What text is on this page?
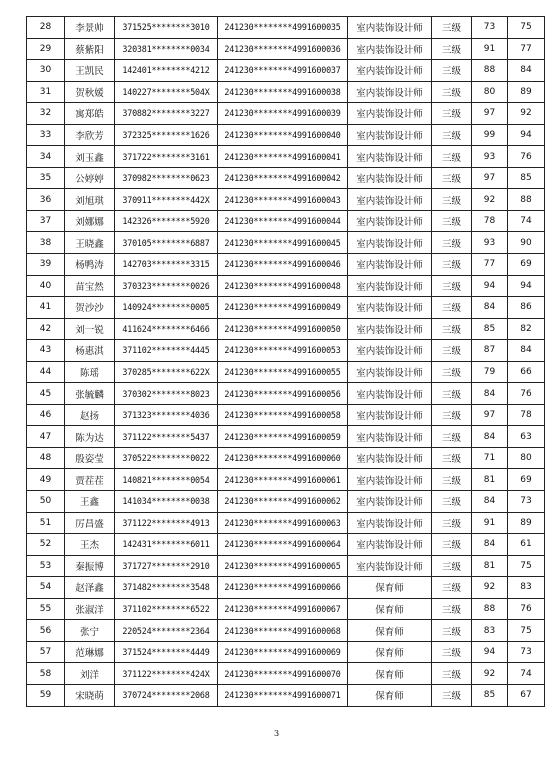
28	李景帅	371525********3010	241230********4991600035	室内装饰设计师	三级	73	75
29	蔡紫阳	320381********0034	241230********4991600036	室内装饰设计师	三级	91	77
30	王凯民	142401********4212	241230********4991600037	室内装饰设计师	三级	88	84
31	贺秋媛	140227********504X	241230********4991600038	室内装饰设计师	三级	80	89
32	寓郑皓	370882********3227	241230********4991600039	室内装饰设计师	三级	97	92
33	李欣芳	372325********1626	241230********4991600040	室内装饰设计师	三级	99	94
34	刘玉鑫	371722********3161	241230********4991600041	室内装饰设计师	三级	93	76
35	公婷婷	370982********0623	241230********4991600042	室内装饰设计师	三级	97	85
36	刘旭琪	370911********442X	241230********4991600043	室内装饰设计师	三级	92	88
37	刘娜娜	142326********5920	241230********4991600044	室内装饰设计师	三级	78	74
38	王晓鑫	370105********6887	241230********4991600045	室内装饰设计师	三级	93	90
39	杨鸭涛	142703********3315	241230********4991600046	室内装饰设计师	三级	77	69
40	苗宝然	370323********0026	241230********4991600048	室内装饰设计师	三级	94	94
41	贺沙沙	140924********0005	241230********4991600049	室内装饰设计师	三级	84	86
42	刘一锐	411624********6466	241230********4991600050	室内装饰设计师	三级	85	82
43	杨惠淇	371102********4445	241230********4991600053	室内装饰设计师	三级	87	84
44	陈瑶	370285********622X	241230********4991600055	室内装饰设计师	三级	79	66
45	张毓麟	370302********8023	241230********4991600056	室内装饰设计师	三级	84	76
46	赵扬	371323********4036	241230********4991600058	室内装饰设计师	三级	97	78
47	陈为达	371122********5437	241230********4991600059	室内装饰设计师	三级	84	63
48	殷姿莹	370522********0022	241230********4991600060	室内装饰设计师	三级	71	80
49	贾茬茬	140821********0054	241230********4991600061	室内装饰设计师	三级	81	69
50	王鑫	141034********0038	241230********4991600062	室内装饰设计师	三级	84	73
51	厉昌盛	371122********4913	241230********4991600063	室内装饰设计师	三级	91	89
52	王杰	142431********6011	241230********4991600064	室内装饰设计师	三级	84	61
53	秦振博	371727********2910	241230********4991600065	室内装饰设计师	三级	81	75
54	赵泽鑫	371482********3548	241230********4991600066	保育师	三级	92	83
55	张淑洋	371102********6522	241230********4991600067	保育师	三级	88	76
56	张宁	220524********2364	241230********4991600068	保育师	三级	83	75
57	范琳娜	371524********4449	241230********4991600069	保育师	三级	94	73
58	刘洋	371122********424X	241230********4991600070	保育师	三级	92	74
59	宋晓萌	370724********2068	241230********4991600071	保育师	三级	85	67
3
